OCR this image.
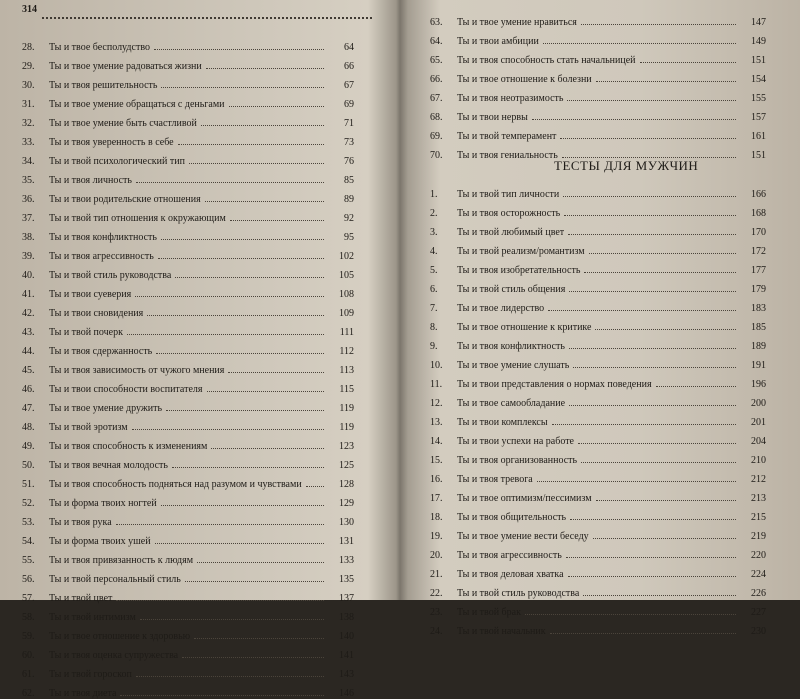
314
28.	Ты и твое бесполудство	64
29.	Ты и твое умение радоваться жизни	66
30.	Ты и твоя решительность	67
31.	Ты и твое умение обращаться с деньгами	69
32.	Ты и твое умение быть счастливой	71
33.	Ты и твоя уверенность в себе	73
34.	Ты и твой психологический тип	76
35.	Ты и твоя личность	85
36.	Ты и твои родительские отношения	89
37.	Ты и твой тип отношения к окружающим	92
38.	Ты и твоя конфликтность	95
39.	Ты и твоя агрессивность	102
40.	Ты и твой стиль руководства	105
41.	Ты и твои суеверия	108
42.	Ты и твои сновидения	109
43.	Ты и твой почерк	111
44.	Ты и твоя сдержанность	112
45.	Ты и твоя зависимость от чужого мнения	113
46.	Ты и твои способности воспитателя	115
47.	Ты и твое умение дружить	119
48.	Ты и твой эротизм	119
49.	Ты и твоя способность к изменениям	123
50.	Ты и твоя вечная молодость	125
51.	Ты и твоя способность подняться над разумом и чувствами	128
52.	Ты и форма твоих ногтей	129
53.	Ты и твоя рука	130
54.	Ты и форма твоих ушей	131
55.	Ты и твоя привязанность к людям	133
56.	Ты и твой персональный стиль	135
57.	Ты и твой цвет	137
58.	Ты и твой интимизм	138
59.	Ты и твое отношение к здоровью	140
60.	Ты и твоя оценка супружества	141
61.	Ты и твой гороскоп	143
62.	Ты и твоя диета	146
63.	Ты и твое умение нравиться	147
64.	Ты и твои амбиции	149
65.	Ты и твоя способность стать начальницей	151
66.	Ты и твое отношение к болезни	154
67.	Ты и твоя неотразимость	155
68.	Ты и твои нервы	157
69.	Ты и твой темперамент	161
70.	Ты и твоя гениальность	151
ТЕСТЫ ДЛЯ МУЖЧИН
1.	Ты и твой тип личности	166
2.	Ты и твоя осторожность	168
3.	Ты и твой любимый цвет	170
4.	Ты и твой реализм/романтизм	172
5.	Ты и твоя изобретательность	177
6.	Ты и твой стиль общения	179
7.	Ты и твое лидерство	183
8.	Ты и твое отношение к критике	185
9.	Ты и твоя конфликтность	189
10.	Ты и твое умение слушать	191
11.	Ты и твои представления о нормах поведения	196
12.	Ты и твое самообладание	200
13.	Ты и твои комплексы	201
14.	Ты и твои успехи на работе	204
15.	Ты и твоя организованность	210
16.	Ты и твоя тревога	212
17.	Ты и твое оптимизм/пессимизм	213
18.	Ты и твоя общительность	215
19.	Ты и твое умение вести беседу	219
20.	Ты и твоя агрессивность	220
21.	Ты и твоя деловая хватка	224
22.	Ты и твой стиль руководства	226
23.	Ты и твой брак	227
24.	Ты и твой начальник	230
